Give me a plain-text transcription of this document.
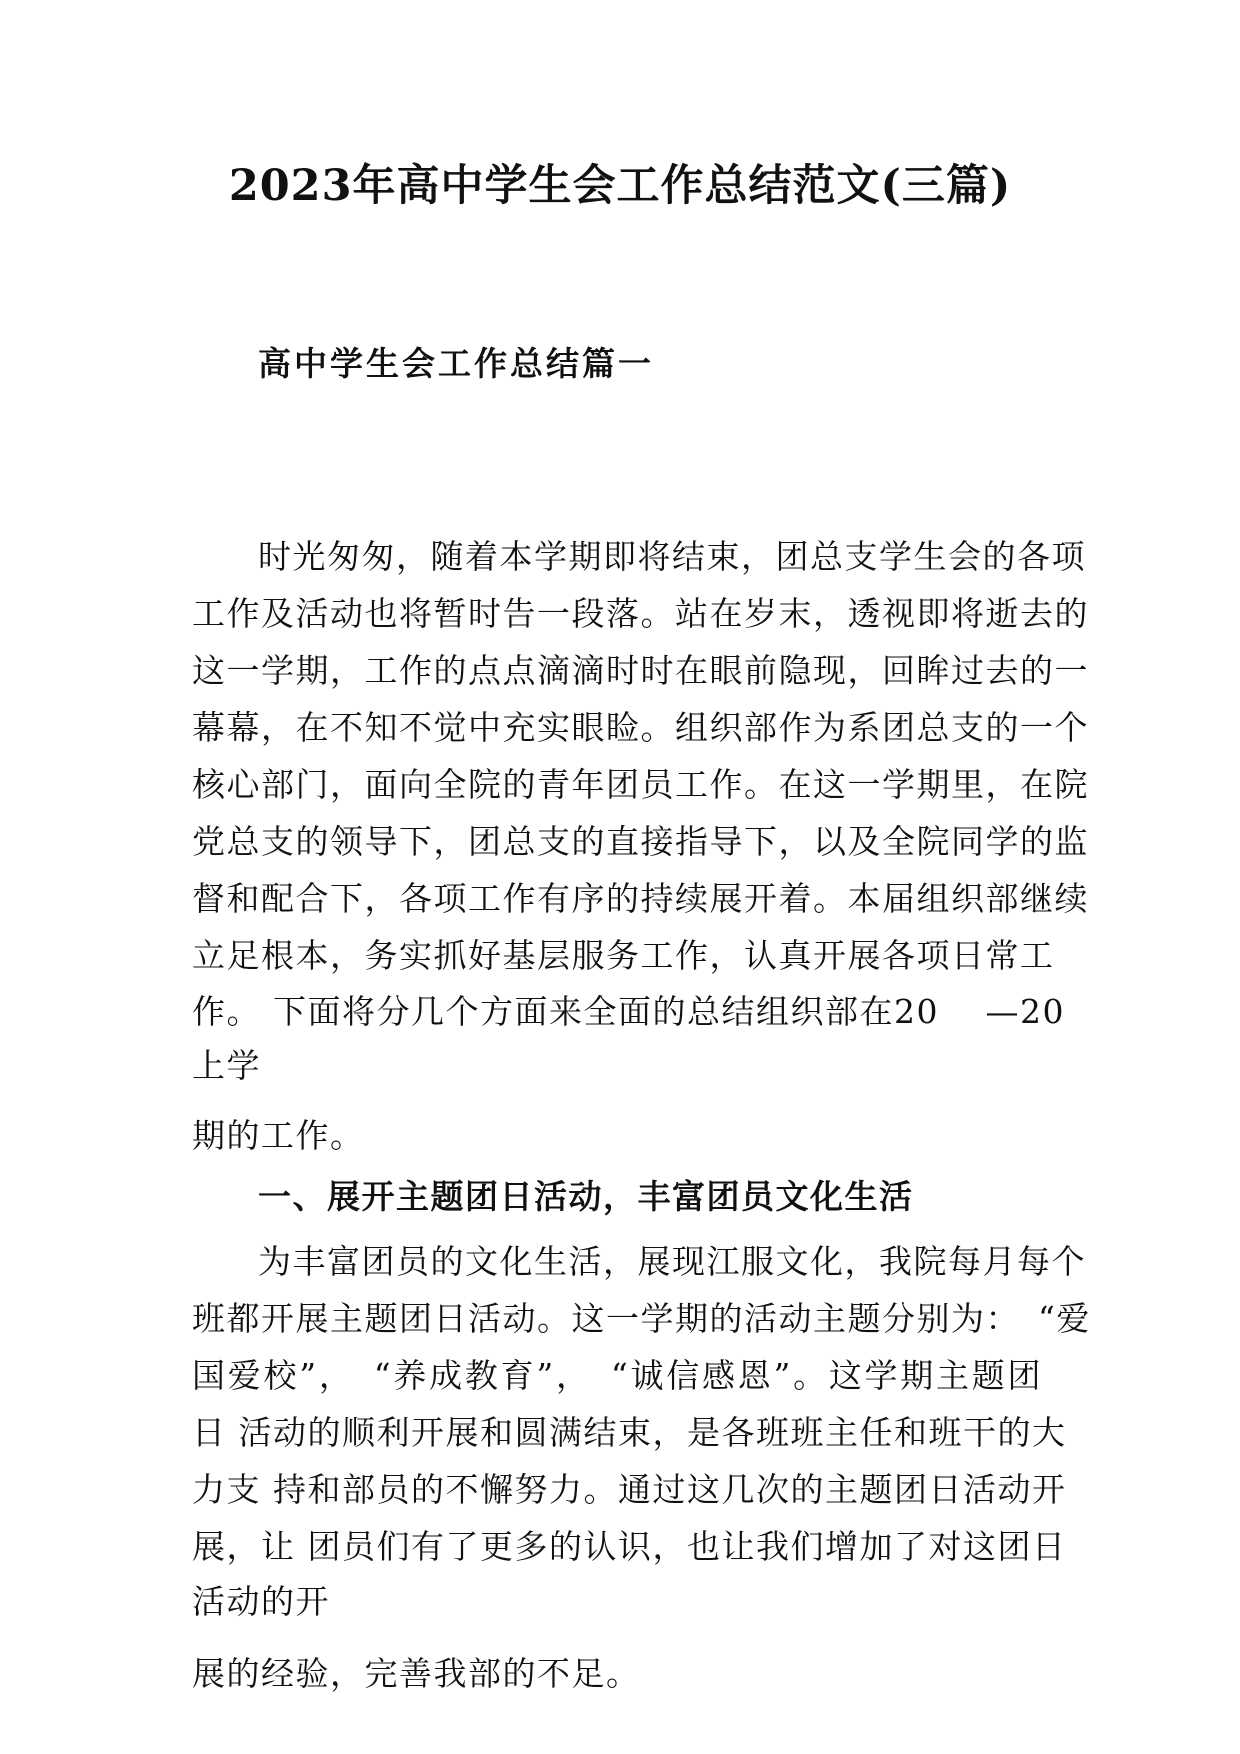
2023年高中学生会工作总结范文(三篇)
高中学生会工作总结篇一
时光匆匆，随着本学期即将结束，团总支学生会的各项
工作及活动也将暂时告一段落。站在岁末，透视即将逝去的
这一学期，工作的点点滴滴时时在眼前隐现，回眸过去的一
幕幕，在不知不觉中充实眼睑。组织部作为系团总支的一个
核心部门，面向全院的青年团员工作。在这一学期里，在院
党总支的领导下，团总支的直接指导下，以及全院同学的监
督和配合下，各项工作有序的持续展开着。本届组织部继续
立足根本，务实抓好基层服务工作，认真开展各项日常工
作。 下面将分几个方面来全面的总结组织部在20　 —20
上学
期的工作。
一、展开主题团日活动，丰富团员文化生活
为丰富团员的文化生活，展现江服文化，我院每月每个
班都开展主题团日活动。这一学期的活动主题分别为：　“爱
国爱校”，　“养成教育”，　“诚信感恩”。这学期主题团
日 活动的顺利开展和圆满结束，是各班班主任和班干的大
力支 持和部员的不懈努力。通过这几次的主题团日活动开
展，让 团员们有了更多的认识，也让我们增加了对这团日
活动的开
展的经验，完善我部的不足。
